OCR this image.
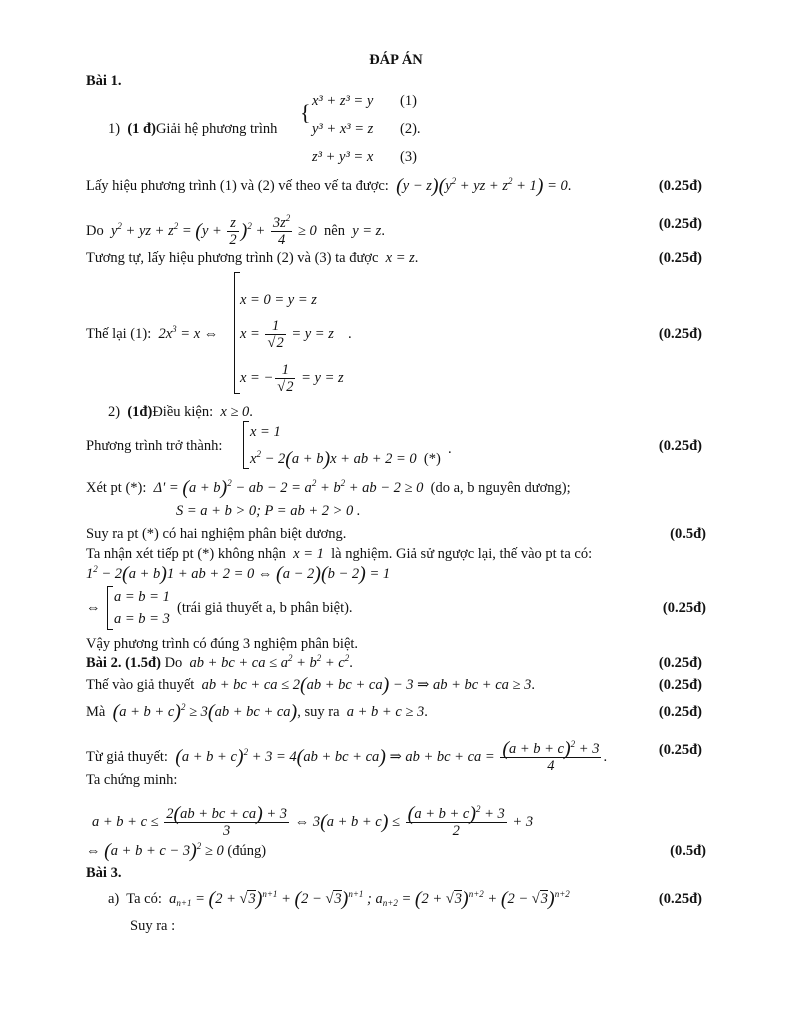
ĐÁP ÁN
Bài 1.
1) (1 đ)Giải hệ phương trình
{ x³ + z³ = y (1)
y³ + x³ = z (2).
z³ + y³ = x (3)
Lấy hiệu phương trình (1) và (2) vế theo vế ta được: $(y - z)(y^2$ + yz + $z^2 + 1) = 0$.	(0.25đ)
Do  $y^2$ + yz + $z^2 = (y + \frac{z}{2} )^2 + \frac{3z^2}{4} \ge 0$  nên  y = z.	(0.25đ)
Tương tự, lấy hiệu phương trình (2) và (3) ta được  x = z.	(0.25đ)
Thế lại (1):  $2x^3 = x$ ⇔
x = 0 = y = z
$x = \frac{1}{√2} = y = z$    .
x = − $\frac{1}{√2} = y = z$
(0.25đ)
2) (1đ)Điều kiện:  x ≥ 0.
Phương trình trở thành:
x = 1
$x^2 - 2(a + b)x$ + ab + 2 = 0  (*)
.	(0.25đ)
Xét pt (*):  $\Delta' = (a + b)^2$ − ab − $2 = a^2 + b^2$ + ab − 2 ≥ 0  (do a, b nguyên dương);
S = a + b > 0; P = ab + 2 > 0 .
Suy ra pt (*) có hai nghiệm phân biệt dương.	(0.5đ)
Ta nhận xét tiếp pt (*) không nhận  x = 1  là nghiệm. Giả sử ngược lại, thế vào pt ta có:
$1^2 - 2(a + b)1$ + ab + 2 = 0 ⇔ (a − 2)(b − 2) = 1
⇔
a = b = 1
a = b = 3
(trái giả thuyết a, b phân biệt).	(0.25đ)
Vậy phương trình có đúng 3 nghiệm phân biệt.
Bài 2. (1.5đ) Do  ab + bc + ca ≤ $a^2 + b^2 + c^2$.	(0.25đ)
Thế vào giả thuyết  ab + bc + ca ≤ 2(ab + bc + ca) − 3 ⇒ ab + bc + ca ≥ 3.	(0.25đ)
Mà $(a + b + c)^2 \ge 3(ab$ + bc + ca), suy ra  a + b + c ≥ 3.	(0.25đ)
Từ giả thuyết: $(a + b + c)^2 + 3 = 4(ab$ + bc + ca) ⇒ ab + bc + ca = $\frac{(a + b + c)^2 + 3}{4}$ .	(0.25đ)
Ta chứng minh:
$a + b + c \le \frac{2(ab + bc + ca) + 3}{3}$ ⇔ $3(a + b + c) \le \frac{(a + b + c)^2 + 3}{2} + 3$
⇔ $(a + b + c - 3)^2 \ge 0$ (đúng)	(0.5đ)
Bài 3.
a) Ta có:  $a_{n+1} = (2 + √3)^{n+1} + (2 - √3)^{n+1}$ ; $a_{n+2} = (2 + √3)^{n+2} + (2 - √3)^{n+2}$	(0.25đ)
Suy ra :
